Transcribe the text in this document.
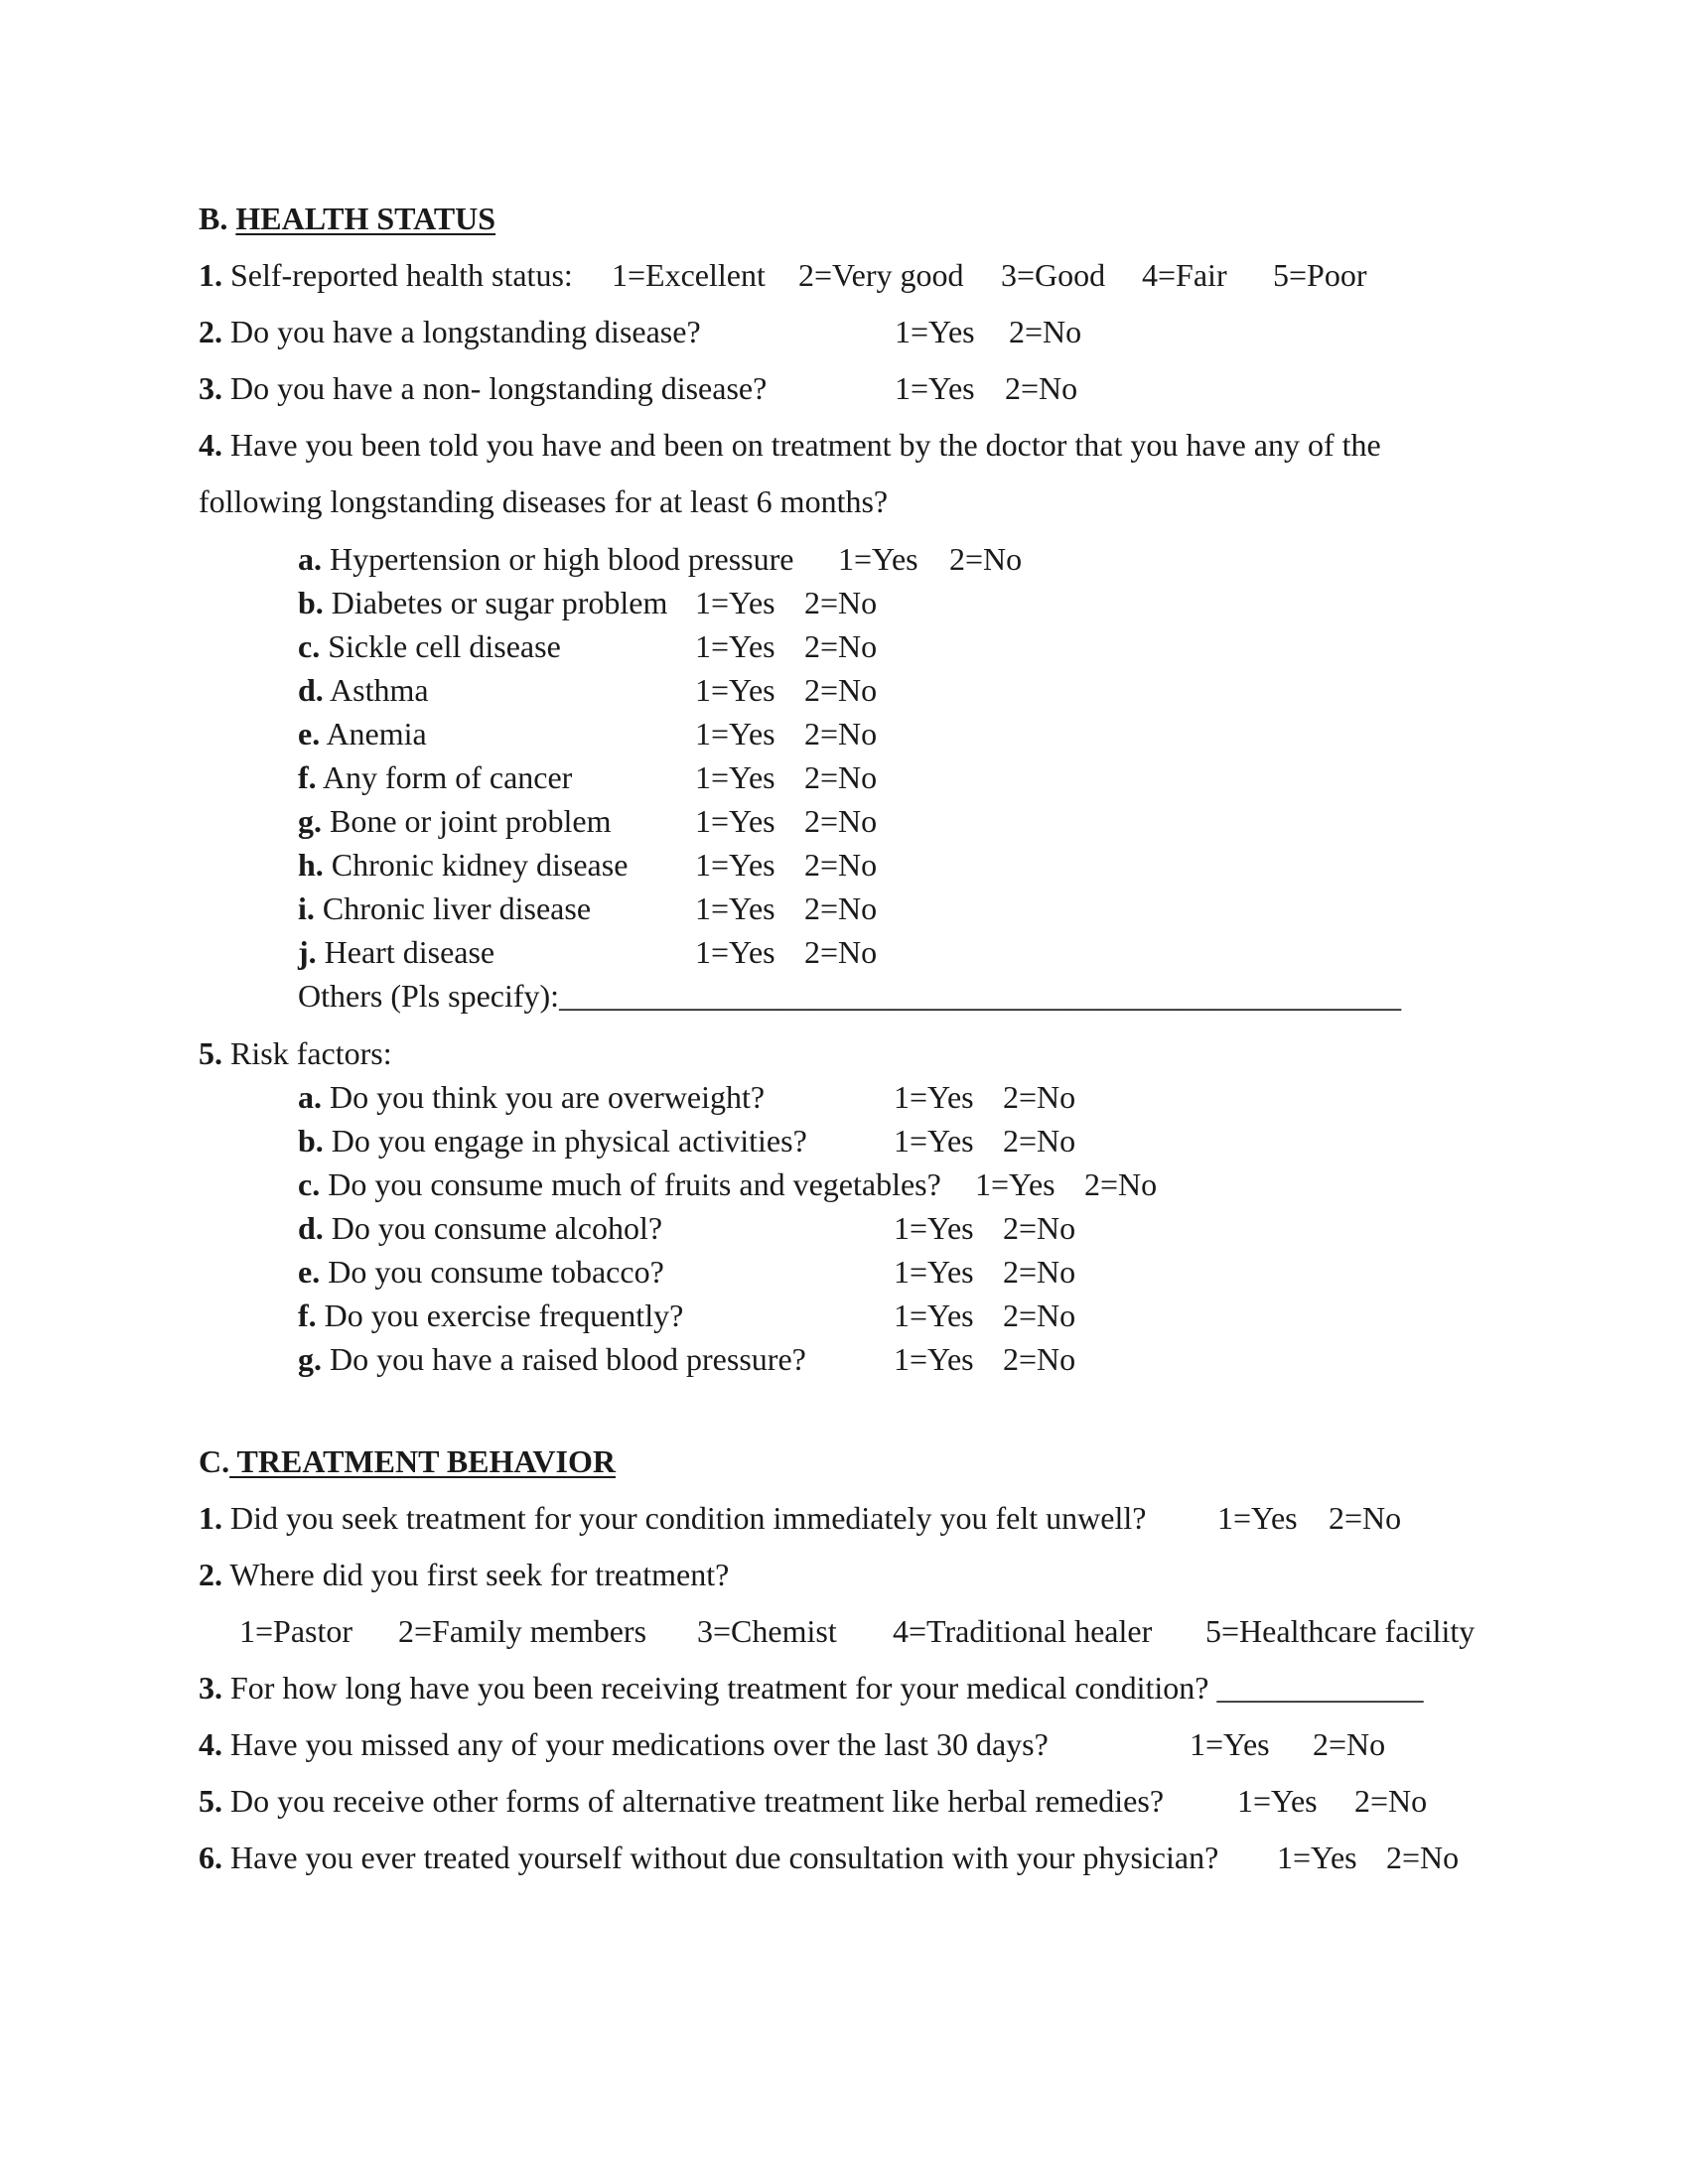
B. HEALTH STATUS
1. Self-reported health status: 1=Excellent 2=Very good 3=Good 4=Fair 5=Poor
2. Do you have a longstanding disease?	1=Yes 2=No
3. Do you have a non- longstanding disease?	1=Yes 2=No
4. Have you been told you have and been on treatment by the doctor that you have any of the
following longstanding diseases for at least 6 months?
a. Hypertension or high blood pressure 1=Yes 2=No
b. Diabetes or sugar problem 1=Yes 2=No
c. Sickle cell disease	1=Yes 2=No
d. Asthma	1=Yes 2=No
e. Anemia	1=Yes 2=No
f. Any form of cancer	1=Yes 2=No
g. Bone or joint problem	1=Yes 2=No
h. Chronic kidney disease 1=Yes 2=No
i. Chronic liver disease	1=Yes 2=No
j. Heart disease	1=Yes 2=No
Others (Pls specify):_____________________________________________________
5. Risk factors:
a. Do you think you are overweight?	1=Yes 2=No
b. Do you engage in physical activities?	1=Yes 2=No
c. Do you consume much of fruits and vegetables? 1=Yes 2=No
d. Do you consume alcohol?	1=Yes 2=No
e. Do you consume tobacco?	1=Yes 2=No
f. Do you exercise frequently?	1=Yes 2=No
g. Do you have a raised blood pressure?	1=Yes 2=No
C. TREATMENT BEHAVIOR
1. Did you seek treatment for your condition immediately you felt unwell? 1=Yes 2=No
2. Where did you first seek for treatment?
1=Pastor 2=Family members 3=Chemist 4=Traditional healer 5=Healthcare facility
3. For how long have you been receiving treatment for your medical condition? _____________
4. Have you missed any of your medications over the last 30 days?	1=Yes 2=No
5. Do you receive other forms of alternative treatment like herbal remedies? 1=Yes 2=No
6. Have you ever treated yourself without due consultation with your physician? 1=Yes 2=No
